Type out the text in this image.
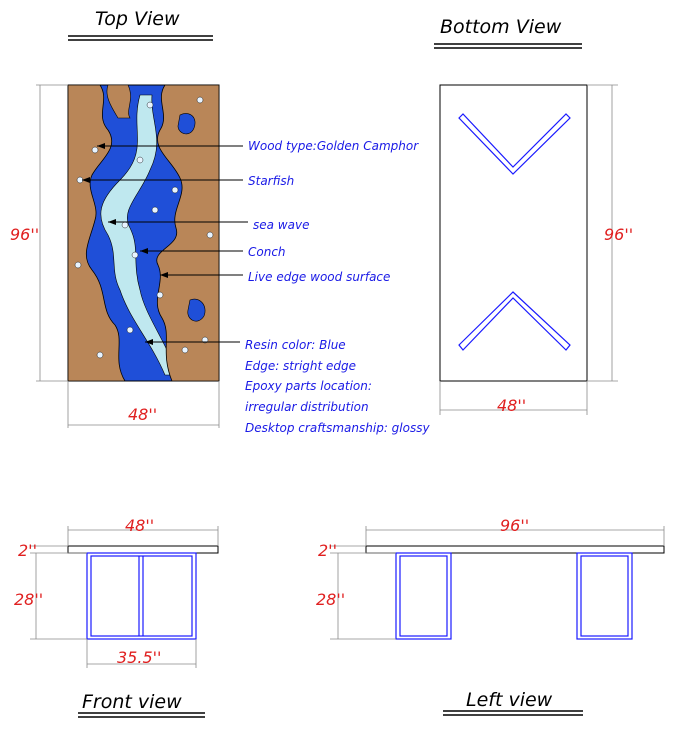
Top View	Bottom View
Front view	Left view
96''
48''
Wood type:Golden Camphor
Starfish
sea wave
Conch
Live edge wood surface
Resin color: Blue
Edge: stright edge
Epoxy parts location:
irregular distribution
Desktop craftsmanship: glossy
96''
48''
48''
2''
28''
35.5''
96''
2''
28''
